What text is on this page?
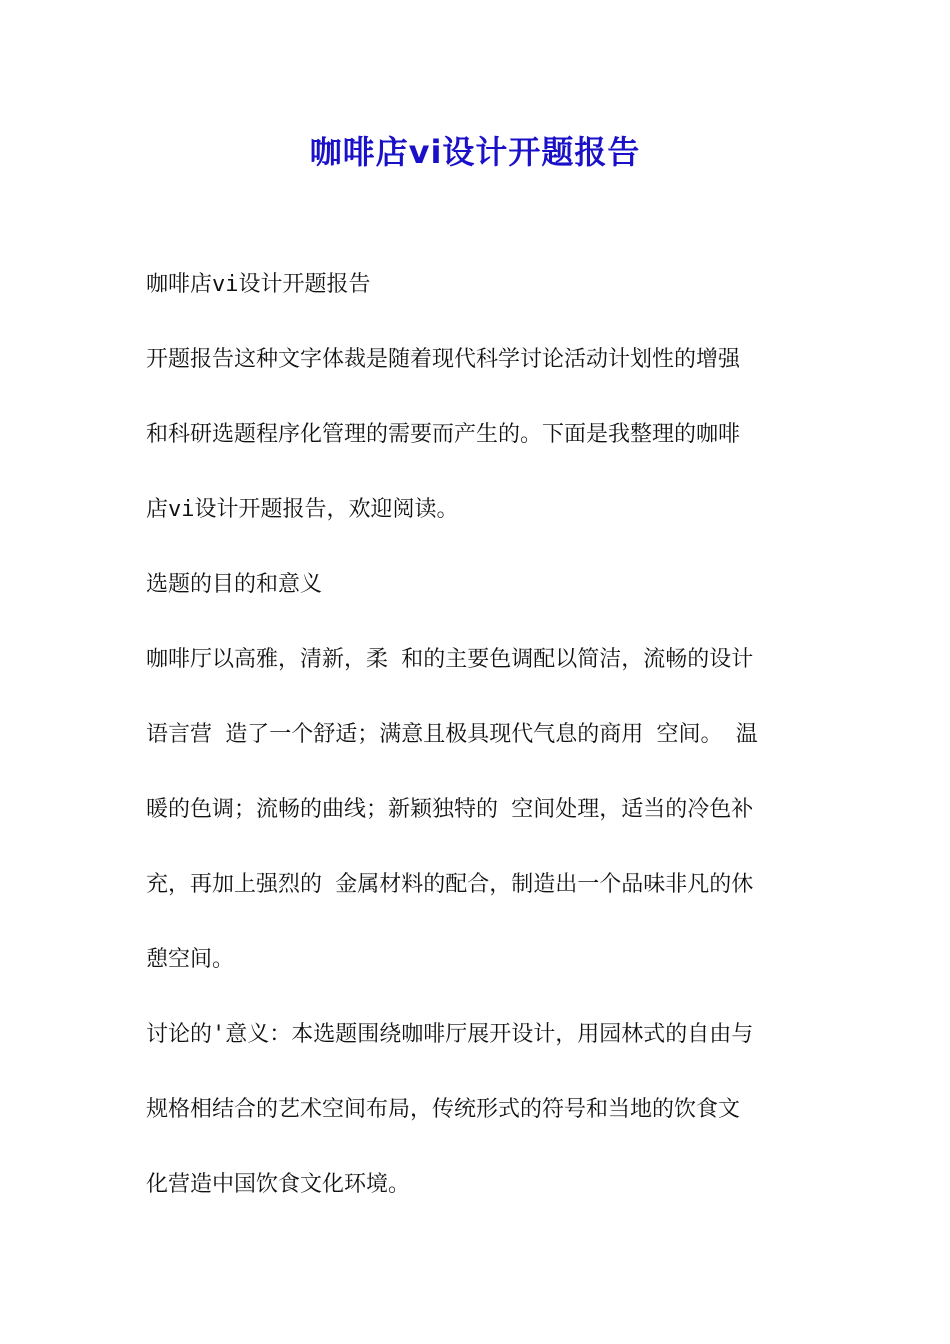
咖啡店vi设计开题报告
咖啡店vi设计开题报告
开题报告这种文字体裁是随着现代科学讨论活动计划性的增强
和科研选题程序化管理的需要而产生的。下面是我整理的咖啡
店vi设计开题报告，欢迎阅读。
选题的目的和意义
咖啡厅以高雅，清新，柔 和的主要色调配以简洁，流畅的设计
语言营 造了一个舒适；满意且极具现代气息的商用 空间。 温
暖的色调；流畅的曲线；新颖独特的 空间处理，适当的冷色补
充，再加上强烈的 金属材料的配合，制造出一个品味非凡的休
憩空间。
讨论的'意义：本选题围绕咖啡厅展开设计，用园林式的自由与
规格相结合的艺术空间布局，传统形式的符号和当地的饮食文
化营造中国饮食文化环境。
